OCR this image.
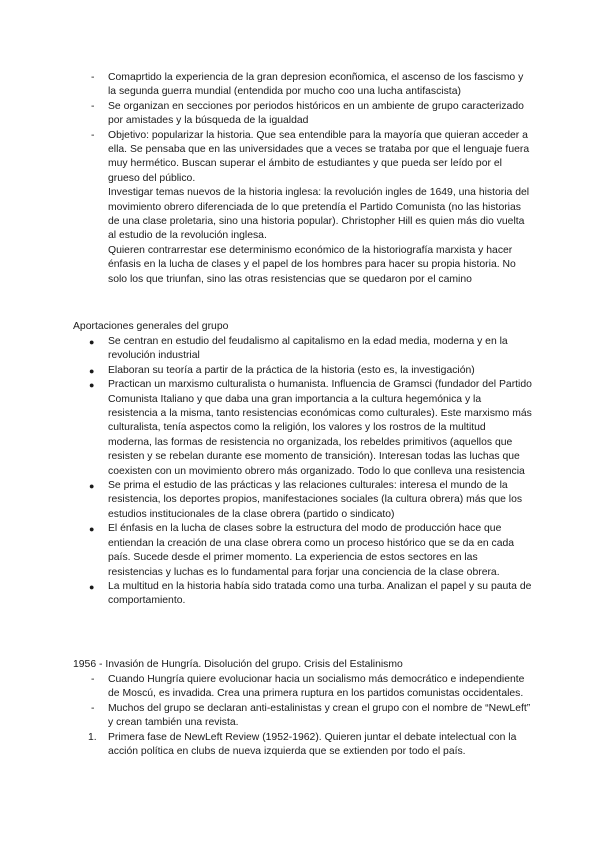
- Comaprtido la experiencia de la gran depresion econñomica, el ascenso de los fascismo y la segunda guerra mundial (entendida por mucho coo una lucha antifascista)
- Se organizan en secciones por periodos históricos en un ambiente de grupo caracterizado por amistades y la búsqueda de la igualdad
- Objetivo: popularizar la historia. Que sea entendible para la mayoría que quieran acceder a ella. Se pensaba que en las universidades que a veces se trataba por que el lenguaje fuera muy hermético. Buscan superar el ámbito de estudiantes y que pueda ser leído por el grueso del público.
Investigar temas nuevos de la historia inglesa: la revolución ingles de 1649, una historia del movimiento obrero diferenciada de lo que pretendía el Partido Comunista (no las historias de una clase proletaria, sino una historia popular). Christopher Hill es quien más dio vuelta al estudio de la revolución inglesa.
Quieren contrarrestar ese determinismo económico de la historiografía marxista y hacer énfasis en la lucha de clases y el papel de los hombres para hacer su propia historia. No solo los que triunfan, sino las otras resistencias que se quedaron por el camino
Aportaciones generales del grupo
● Se centran en estudio del feudalismo al capitalismo en la edad media, moderna y en la revolución industrial
● Elaboran su teoría a partir de la práctica de la historia (esto es, la investigación)
● Practican un marxismo culturalista o humanista. Influencia de Gramsci (fundador del Partido Comunista Italiano y que daba una gran importancia a la cultura hegemónica y la resistencia a la misma, tanto resistencias económicas como culturales). Este marxismo más culturalista, tenía aspectos como la religión, los valores y los rostros de la multitud moderna, las formas de resistencia no organizada, los rebeldes primitivos (aquellos que resisten y se rebelan durante ese momento de transición). Interesan todas las luchas que coexisten con un movimiento obrero más organizado. Todo lo que conlleva una resistencia
● Se prima el estudio de las prácticas y las relaciones culturales: interesa el mundo de la resistencia, los deportes propios, manifestaciones sociales (la cultura obrera) más que los estudios institucionales de la clase obrera (partido o sindicato)
● El énfasis en la lucha de clases sobre la estructura del modo de producción hace que entiendan la creación de una clase obrera como un proceso histórico que se da en cada país. Sucede desde el primer momento. La experiencia de estos sectores en las resistencias y luchas es lo fundamental para forjar una conciencia de la clase obrera.
● La multitud en la historia había sido tratada como una turba. Analizan el papel y su pauta de comportamiento.
1956 - Invasión de Hungría. Disolución del grupo. Crisis del Estalinismo
- Cuando Hungría quiere evolucionar hacia un socialismo más democrático e independiente de Moscú, es invadida. Crea una primera ruptura en los partidos comunistas occidentales.
- Muchos del grupo se declaran anti-estalinistas y crean el grupo con el nombre de “NewLeft” y crean también una revista.
1. Primera fase de NewLeft Review (1952-1962). Quieren juntar el debate intelectual con la acción política en clubs de nueva izquierda que se extienden por todo el país.
